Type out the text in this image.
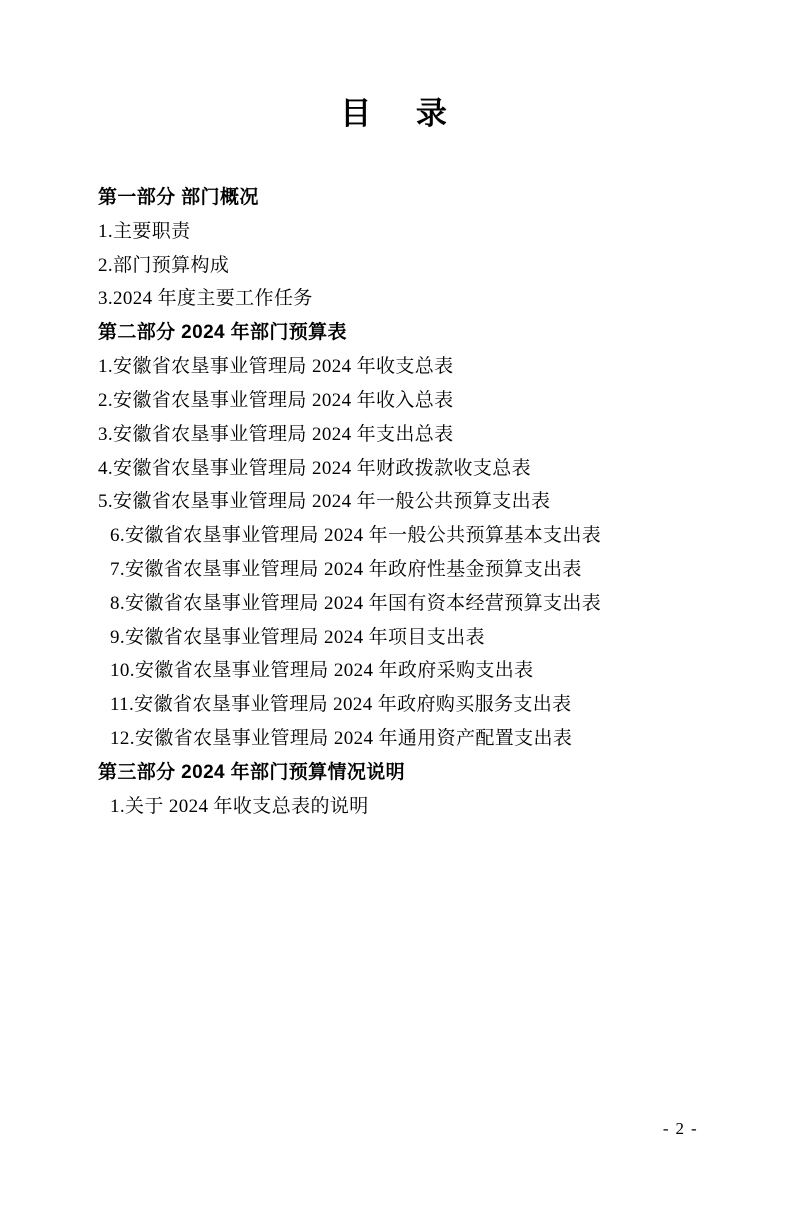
目　录

第一部分 部门概况

1.主要职责

2.部门预算构成

3.2024 年度主要工作任务

第二部分 2024 年部门预算表

1.安徽省农垦事业管理局 2024 年收支总表

2.安徽省农垦事业管理局 2024 年收入总表

3.安徽省农垦事业管理局 2024 年支出总表

4.安徽省农垦事业管理局 2024 年财政拨款收支总表

5.安徽省农垦事业管理局 2024 年一般公共预算支出表

6.安徽省农垦事业管理局 2024 年一般公共预算基本支出表

7.安徽省农垦事业管理局 2024 年政府性基金预算支出表

8.安徽省农垦事业管理局 2024 年国有资本经营预算支出表

9.安徽省农垦事业管理局 2024 年项目支出表

10.安徽省农垦事业管理局 2024 年政府采购支出表

11.安徽省农垦事业管理局 2024 年政府购买服务支出表

12.安徽省农垦事业管理局 2024 年通用资产配置支出表

第三部分 2024 年部门预算情况说明

1.关于 2024 年收支总表的说明

- 2 -
